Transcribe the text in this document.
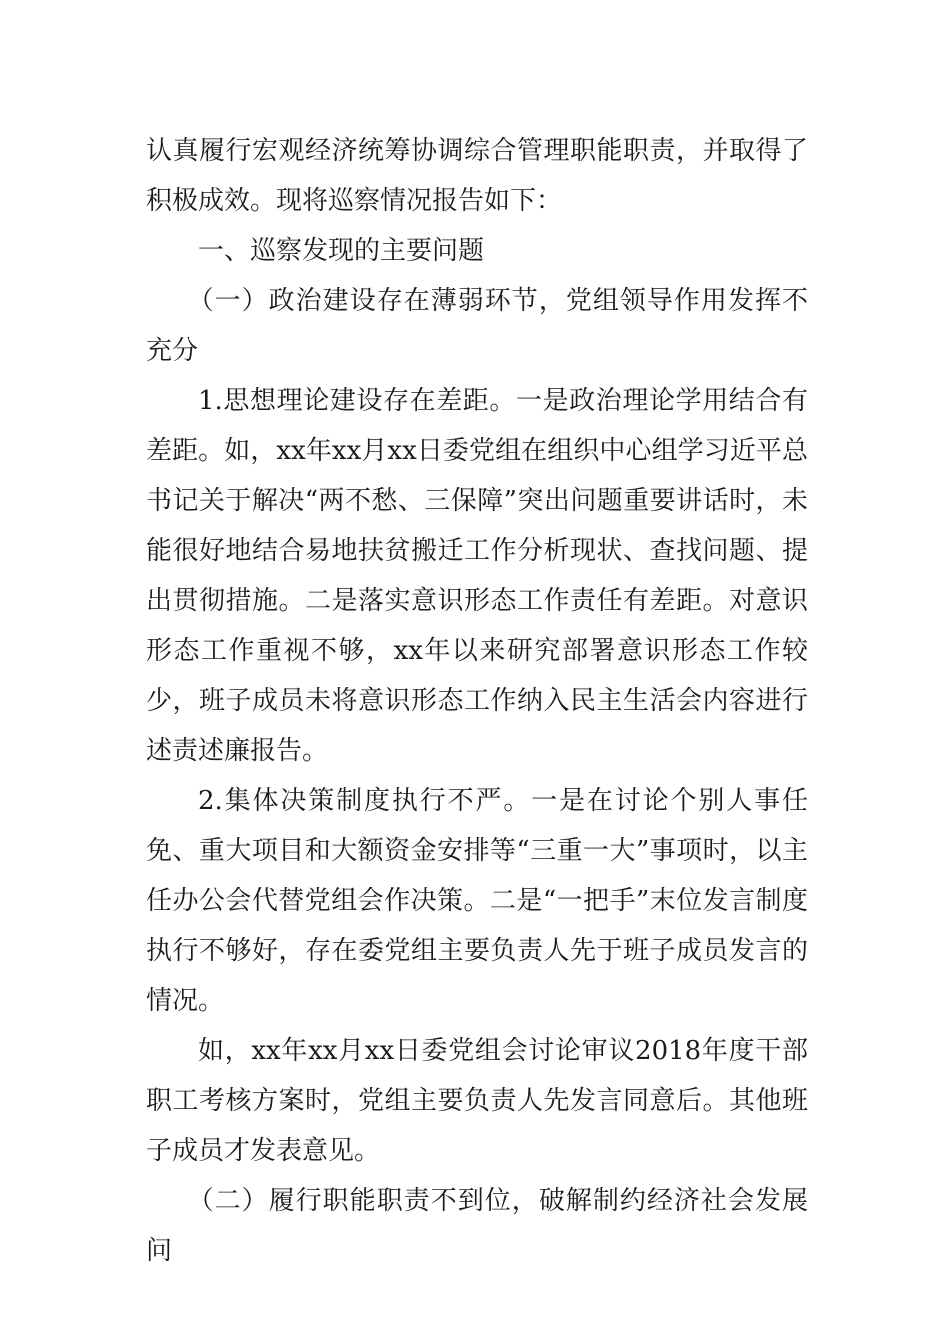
认真履行宏观经济统筹协调综合管理职能职责，并取得了积极成效。现将巡察情况报告如下：

一、巡察发现的主要问题

（一）政治建设存在薄弱环节，党组领导作用发挥不充分

1.思想理论建设存在差距。一是政治理论学用结合有差距。如，xx年xx月xx日委党组在组织中心组学习近平总书记关于解决“两不愁、三保障”突出问题重要讲话时，未能很好地结合易地扶贫搬迁工作分析现状、查找问题、提出贯彻措施。二是落实意识形态工作责任有差距。对意识形态工作重视不够，xx年以来研究部署意识形态工作较少，班子成员未将意识形态工作纳入民主生活会内容进行述责述廉报告。

2.集体决策制度执行不严。一是在讨论个别人事任免、重大项目和大额资金安排等“三重一大”事项时，以主任办公会代替党组会作决策。二是“一把手”末位发言制度执行不够好，存在委党组主要负责人先于班子成员发言的情况。

如，xx年xx月xx日委党组会讨论审议2018年度干部职工考核方案时，党组主要负责人先发言同意后。其他班子成员才发表意见。

（二）履行职能职责不到位，破解制约经济社会发展问
